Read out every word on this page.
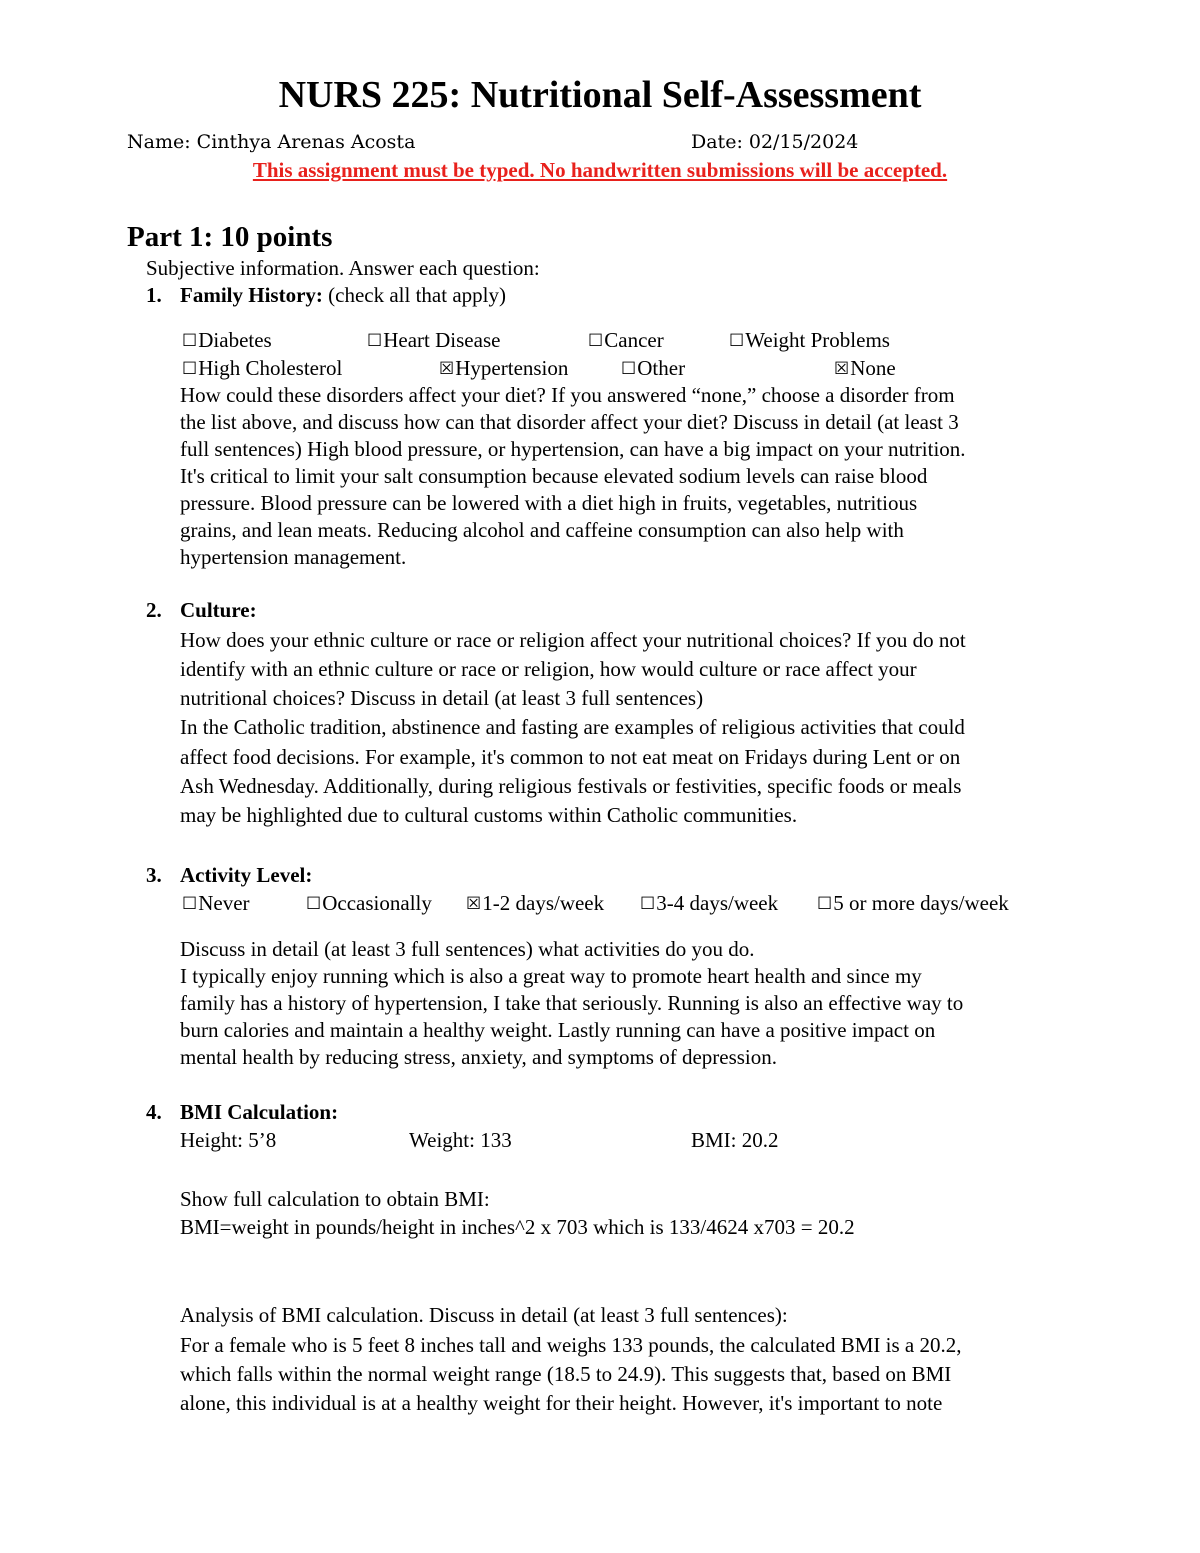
NURS 225: Nutritional Self-Assessment
Name: Cinthya Arenas Acosta	Date: 02/15/2024
This assignment must be typed. No handwritten submissions will be accepted.
Part 1: 10 points
Subjective information. Answer each question:
1. Family History: (check all that apply)
☐Diabetes	☐Heart Disease	☐Cancer	☐Weight Problems
☐High Cholesterol	☒Hypertension	☐Other	☒None
How could these disorders affect your diet? If you answered “none,” choose a disorder from
the list above, and discuss how can that disorder affect your diet? Discuss in detail (at least 3
full sentences) High blood pressure, or hypertension, can have a big impact on your nutrition.
It's critical to limit your salt consumption because elevated sodium levels can raise blood
pressure. Blood pressure can be lowered with a diet high in fruits, vegetables, nutritious
grains, and lean meats. Reducing alcohol and caffeine consumption can also help with
hypertension management.
2. Culture:
How does your ethnic culture or race or religion affect your nutritional choices? If you do not
identify with an ethnic culture or race or religion, how would culture or race affect your
nutritional choices? Discuss in detail (at least 3 full sentences)
In the Catholic tradition, abstinence and fasting are examples of religious activities that could
affect food decisions. For example, it's common to not eat meat on Fridays during Lent or on
Ash Wednesday. Additionally, during religious festivals or festivities, specific foods or meals
may be highlighted due to cultural customs within Catholic communities.
3. Activity Level:
☐Never	☐Occasionally ☒1-2 days/week ☐3-4 days/week ☐5 or more days/week
Discuss in detail (at least 3 full sentences) what activities do you do.
I typically enjoy running which is also a great way to promote heart health and since my
family has a history of hypertension, I take that seriously. Running is also an effective way to
burn calories and maintain a healthy weight. Lastly running can have a positive impact on
mental health by reducing stress, anxiety, and symptoms of depression.
4. BMI Calculation:
Height: 5’8	Weight: 133	BMI: 20.2
Show full calculation to obtain BMI:
BMI=weight in pounds/height in inches^2 x 703 which is 133/4624 x703 = 20.2
Analysis of BMI calculation. Discuss in detail (at least 3 full sentences):
For a female who is 5 feet 8 inches tall and weighs 133 pounds, the calculated BMI is a 20.2,
which falls within the normal weight range (18.5 to 24.9). This suggests that, based on BMI
alone, this individual is at a healthy weight for their height. However, it's important to note
